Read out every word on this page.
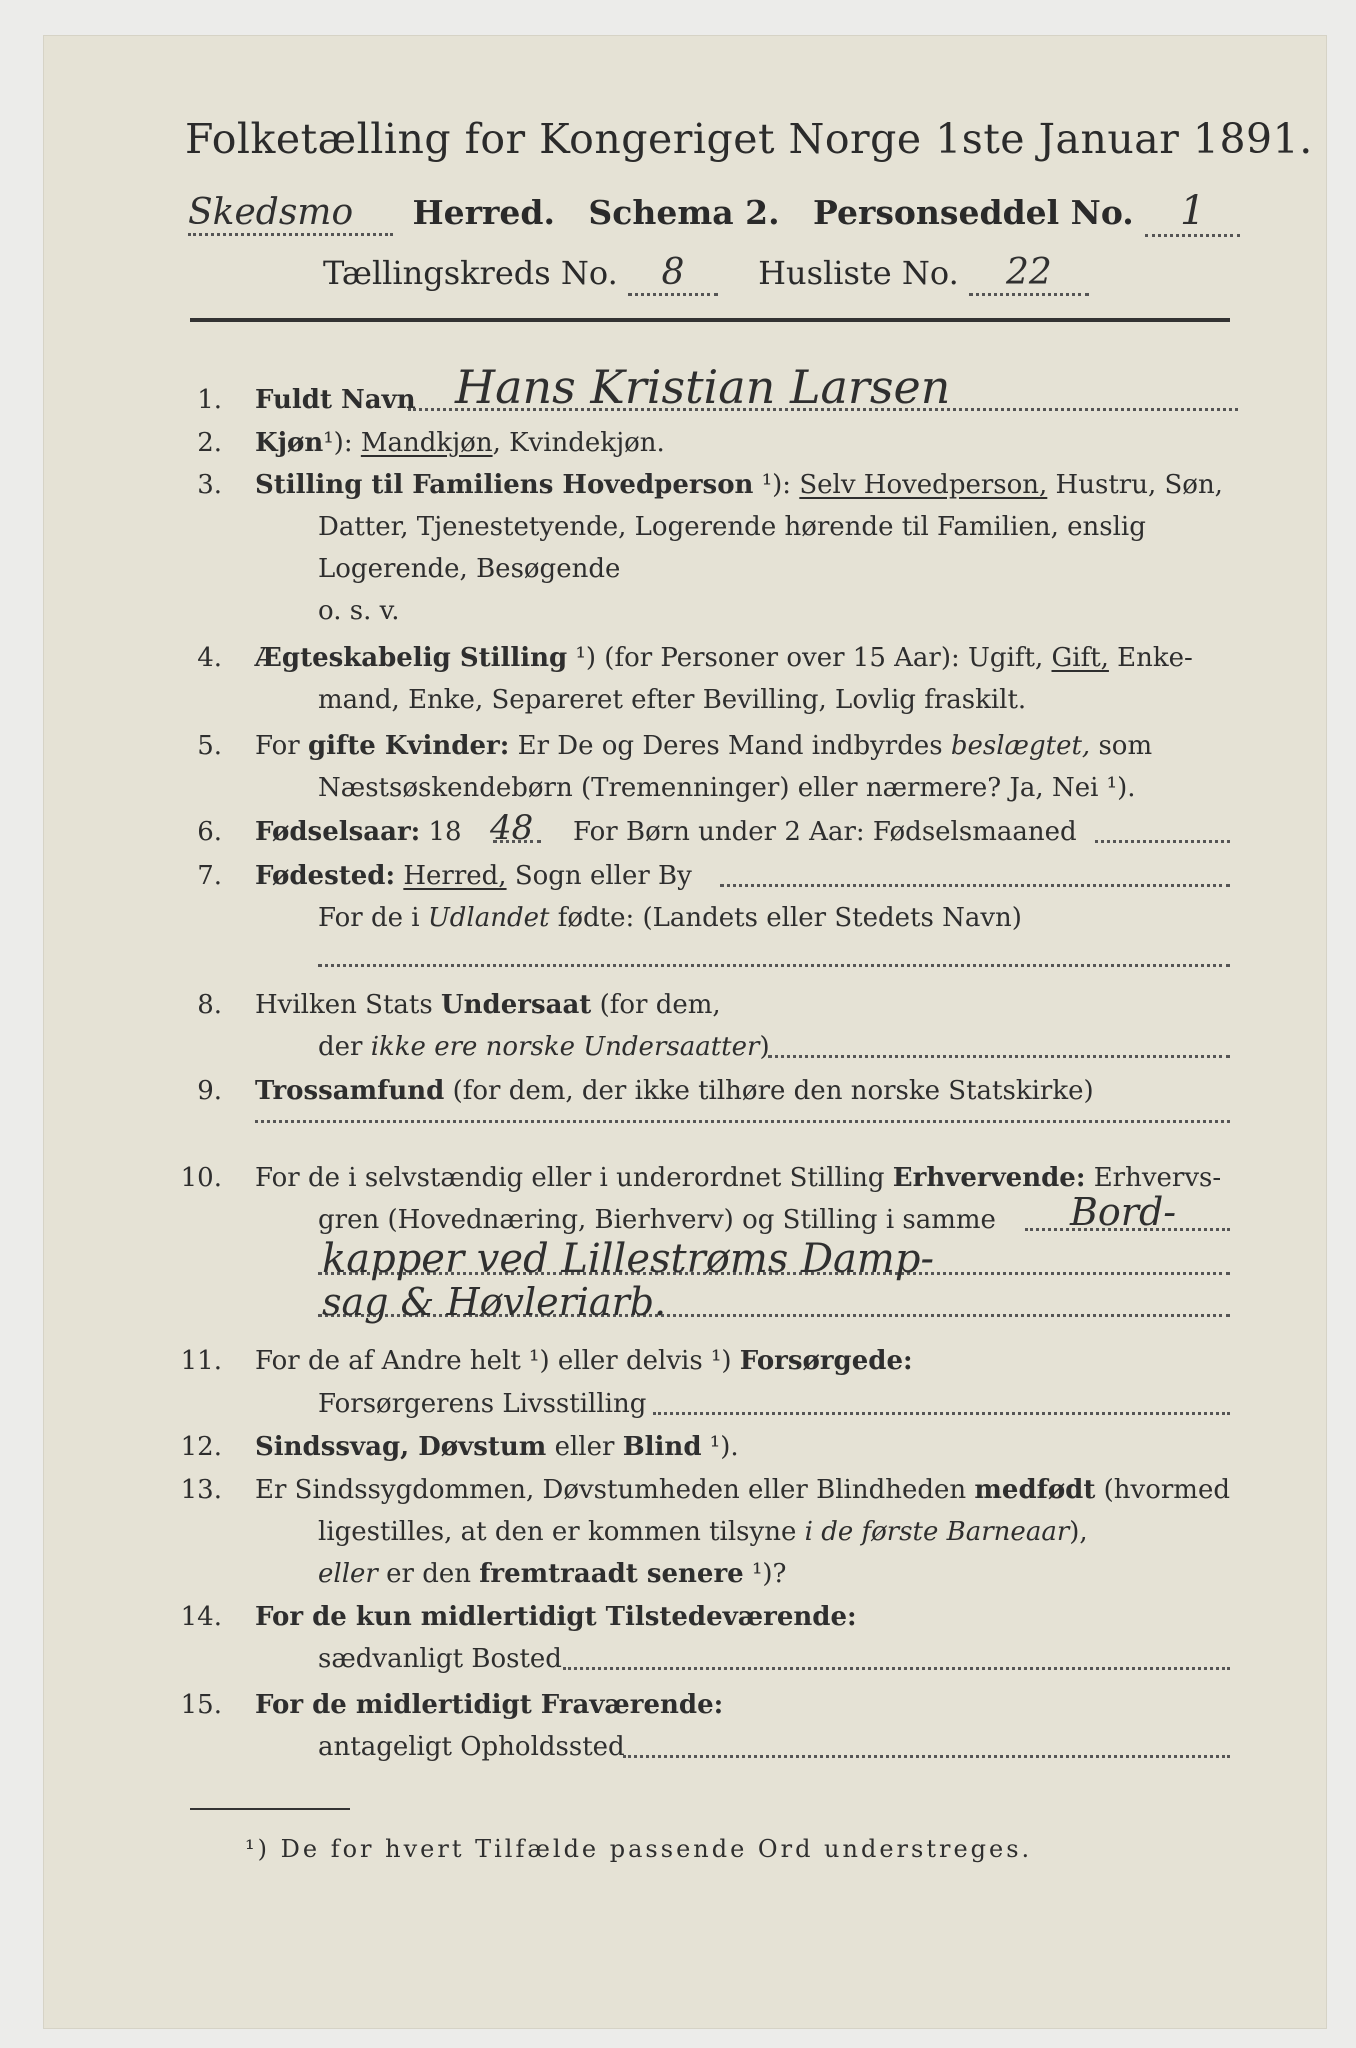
Folketælling for Kongeriget Norge 1ste Januar 1891.
Skedsmo Herred. Schema 2. Personseddel No. 1
Tællingskreds No. 8 Husliste No. 22
1. Fuldt Navn Hans Kristian Larsen
2. Kjøn¹): Mandkjøn, Kvindekjøn.
3. Stilling til Familiens Hovedperson ¹): Selv Hovedperson, Hustru, Søn,
Datter, Tjenestetyende, Logerende hørende til Familien, enslig
Logerende, Besøgende
o. s. v.
4. Ægteskabelig Stilling ¹) (for Personer over 15 Aar): Ugift, Gift, Enke-
mand, Enke, Separeret efter Bevilling, Lovlig fraskilt.
5. For gifte Kvinder: Er De og Deres Mand indbyrdes beslægtet, som
Næstsøskendebørn (Tremenninger) eller nærmere? Ja, Nei ¹).
6. Fødselsaar: 18 48 For Børn under 2 Aar: Fødselsmaaned
7. Fødested: Herred, Sogn eller By
For de i Udlandet fødte: (Landets eller Stedets Navn)
8. Hvilken Stats Undersaat (for dem,
der ikke ere norske Undersaatter)
9. Trossamfund (for dem, der ikke tilhøre den norske Statskirke)
10. For de i selvstændig eller i underordnet Stilling Erhvervende: Erhvervs-
gren (Hovednæring, Bierhverv) og Stilling i samme Bord-
kapper ved Lillestrøms Damp-
sag & Høvleriarb.
11. For de af Andre helt ¹) eller delvis ¹) Forsørgede:
Forsørgerens Livsstilling
12. Sindssvag, Døvstum eller Blind ¹).
13. Er Sindssygdommen, Døvstumheden eller Blindheden medfødt (hvormed
ligestilles, at den er kommen tilsyne i de første Barneaar),
eller er den fremtraadt senere ¹)?
14. For de kun midlertidigt Tilstedeværende:
sædvanligt Bosted
15. For de midlertidigt Fraværende:
antageligt Opholdssted
¹) De for hvert Tilfælde passende Ord understreges.
